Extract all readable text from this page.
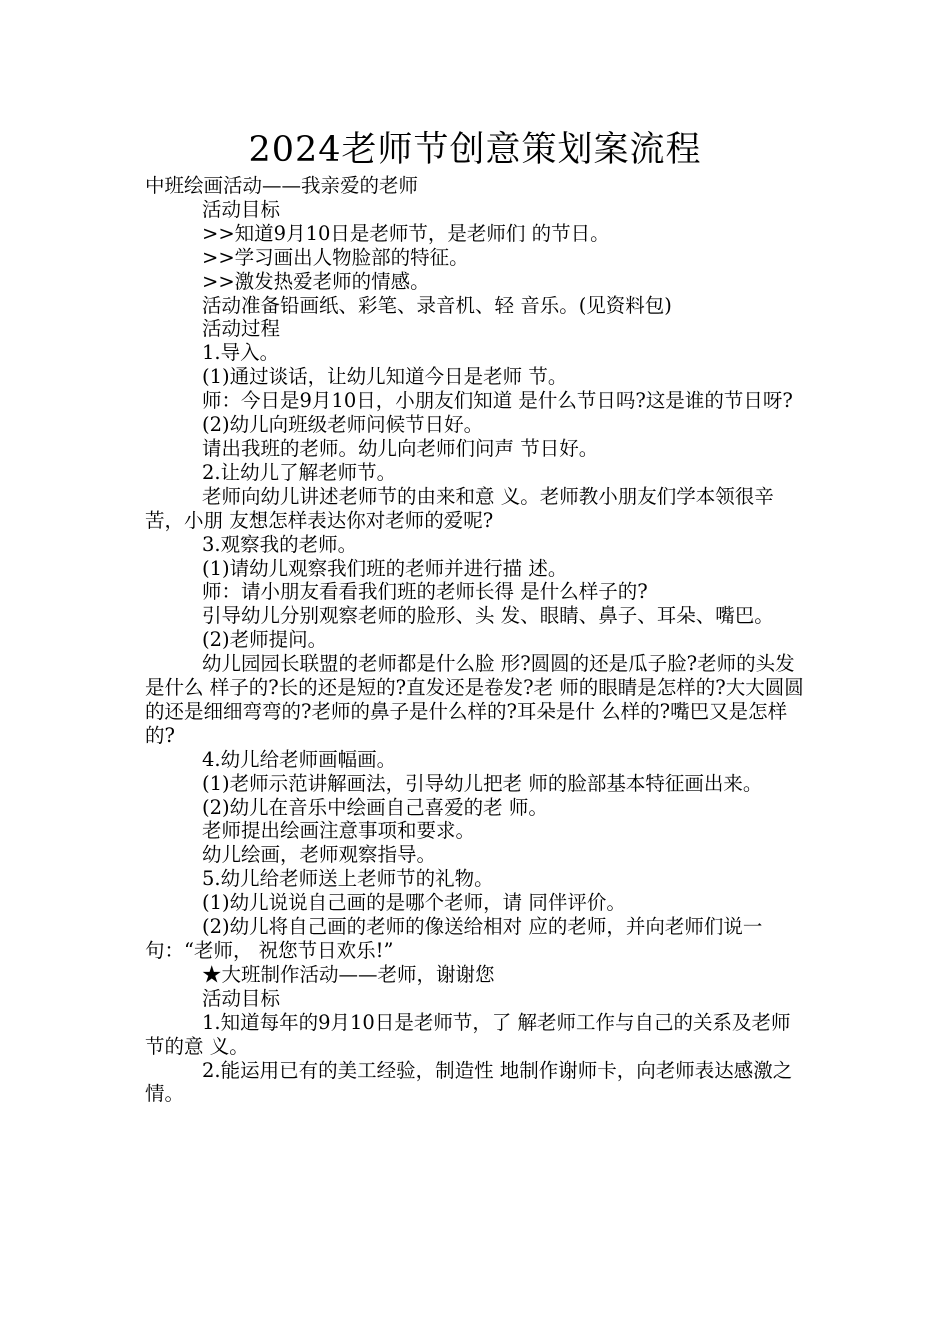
2024老师节创意策划案流程

中班绘画活动——我亲爱的老师

活动目标

>>知道9月10日是老师节，是老师们 的节日。

>>学习画出人物脸部的特征。

>>激发热爱老师的情感。

活动准备铅画纸、彩笔、录音机、轻 音乐。(见资料包)

活动过程

1.导入。

(1)通过谈话，让幼儿知道今日是老师 节。

师：今日是9月10日，小朋友们知道 是什么节日吗?这是谁的节日呀?

(2)幼儿向班级老师问候节日好。

请出我班的老师。幼儿向老师们问声 节日好。

2.让幼儿了解老师节。

老师向幼儿讲述老师节的由来和意 义。老师教小朋友们学本领很辛苦，小朋 友想怎样表达你对老师的爱呢?

3.观察我的老师。

(1)请幼儿观察我们班的老师并进行描 述。

师：请小朋友看看我们班的老师长得 是什么样子的?

引导幼儿分别观察老师的脸形、头 发、眼睛、鼻子、耳朵、嘴巴。

(2)老师提问。

幼儿园园长联盟的老师都是什么脸 形?圆圆的还是瓜子脸?老师的头发是什么 样子的?长的还是短的?直发还是卷发?老 师的眼睛是怎样的?大大圆圆的还是细细弯弯的?老师的鼻子是什么样的?耳朵是什 么样的?嘴巴又是怎样的?

4.幼儿给老师画幅画。

(1)老师示范讲解画法，引导幼儿把老 师的脸部基本特征画出来。

(2)幼儿在音乐中绘画自己喜爱的老 师。

老师提出绘画注意事项和要求。

幼儿绘画，老师观察指导。

5.幼儿给老师送上老师节的礼物。

(1)幼儿说说自己画的是哪个老师，请 同伴评价。

(2)幼儿将自己画的老师的像送给相对 应的老师，并向老师们说一句：“老师， 祝您节日欢乐!”

★大班制作活动——老师，谢谢您

活动目标

1.知道每年的9月10日是老师节，了 解老师工作与自己的关系及老师节的意 义。

2.能运用已有的美工经验，制造性 地制作谢师卡，向老师表达感激之情。
